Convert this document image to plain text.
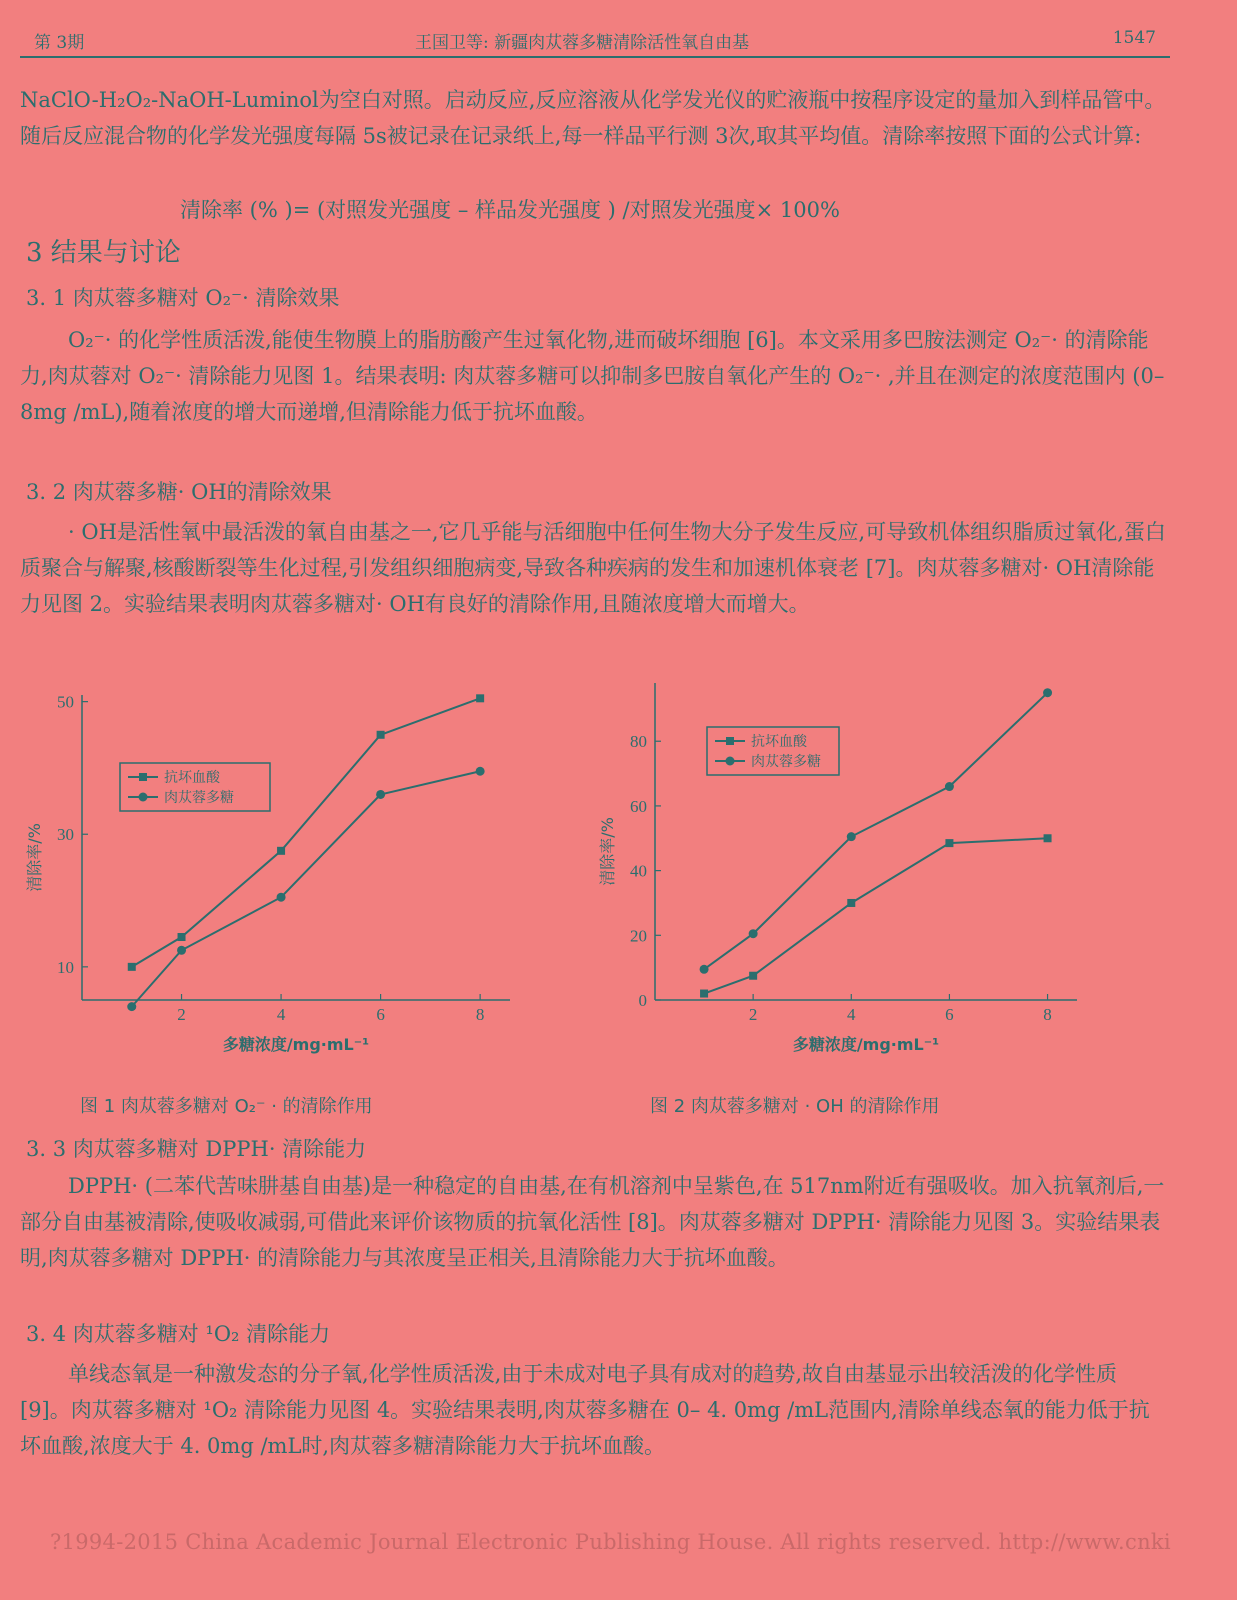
第 3期	王国卫等: 新疆肉苁蓉多糖清除活性氧自由基	1547

NaClO-H₂O₂-NaOH-Luminol为空白对照。启动反应,反应溶液从化学发光仪的贮液瓶中按程序设定的量加入到样品管中。随后反应混合物的化学发光强度每隔 5s被记录在记录纸上,每一样品平行测 3次,取其平均值。清除率按照下面的公式计算:

清除率 (% )= (对照发光强度 – 样品发光强度 ) /对照发光强度× 100%
3 结果与讨论
3. 1 肉苁蓉多糖对 O₂⁻· 清除效果

O₂⁻· 的化学性质活泼,能使生物膜上的脂肪酸产生过氧化物,进而破坏细胞 [6]。本文采用多巴胺法测定 O₂⁻· 的清除能力,肉苁蓉对 O₂⁻· 清除能力见图 1。结果表明: 肉苁蓉多糖可以抑制多巴胺自氧化产生的 O₂⁻· ,并且在测定的浓度范围内 (0– 8mg /mL),随着浓度的增大而递增,但清除能力低于抗坏血酸。

3. 2 肉苁蓉多糖· OH的清除效果

· OH是活性氧中最活泼的氧自由基之一,它几乎能与活细胞中任何生物大分子发生反应,可导致机体组织脂质过氧化,蛋白质聚合与解聚,核酸断裂等生化过程,引发组织细胞病变,导致各种疾病的发生和加速机体衰老 [7]。肉苁蓉多糖对· OH清除能力见图 2。实验结果表明肉苁蓉多糖对· OH有良好的清除作用,且随浓度增大而增大。

2	4	6	8
10
30
50
多糖浓度/mg·mL⁻¹
清除率/%
抗坏血酸
肉苁蓉多糖
2	4	6	8
0
20
40
60
80
多糖浓度/mg·mL⁻¹
清除率/%
抗坏血酸
肉苁蓉多糖
图 1 肉苁蓉多糖对 O₂⁻ · 的清除作用	图 2 肉苁蓉多糖对 · OH 的清除作用
3. 3 肉苁蓉多糖对 DPPH· 清除能力

DPPH· (二苯代苦味肼基自由基)是一种稳定的自由基,在有机溶剂中呈紫色,在 517nm附近有强吸收。加入抗氧剂后,一部分自由基被清除,使吸收减弱,可借此来评价该物质的抗氧化活性 [8]。肉苁蓉多糖对 DPPH· 清除能力见图 3。实验结果表明,肉苁蓉多糖对 DPPH· 的清除能力与其浓度呈正相关,且清除能力大于抗坏血酸。

3. 4 肉苁蓉多糖对 ¹O₂ 清除能力

单线态氧是一种激发态的分子氧,化学性质活泼,由于未成对电子具有成对的趋势,故自由基显示出较活泼的化学性质 [9]。肉苁蓉多糖对 ¹O₂ 清除能力见图 4。实验结果表明,肉苁蓉多糖在 0– 4. 0mg /mL范围内,清除单线态氧的能力低于抗坏血酸,浓度大于 4. 0mg /mL时,肉苁蓉多糖清除能力大于抗坏血酸。

?1994-2015 China Academic Journal Electronic Publishing House. All rights reserved. http://www.cnki
